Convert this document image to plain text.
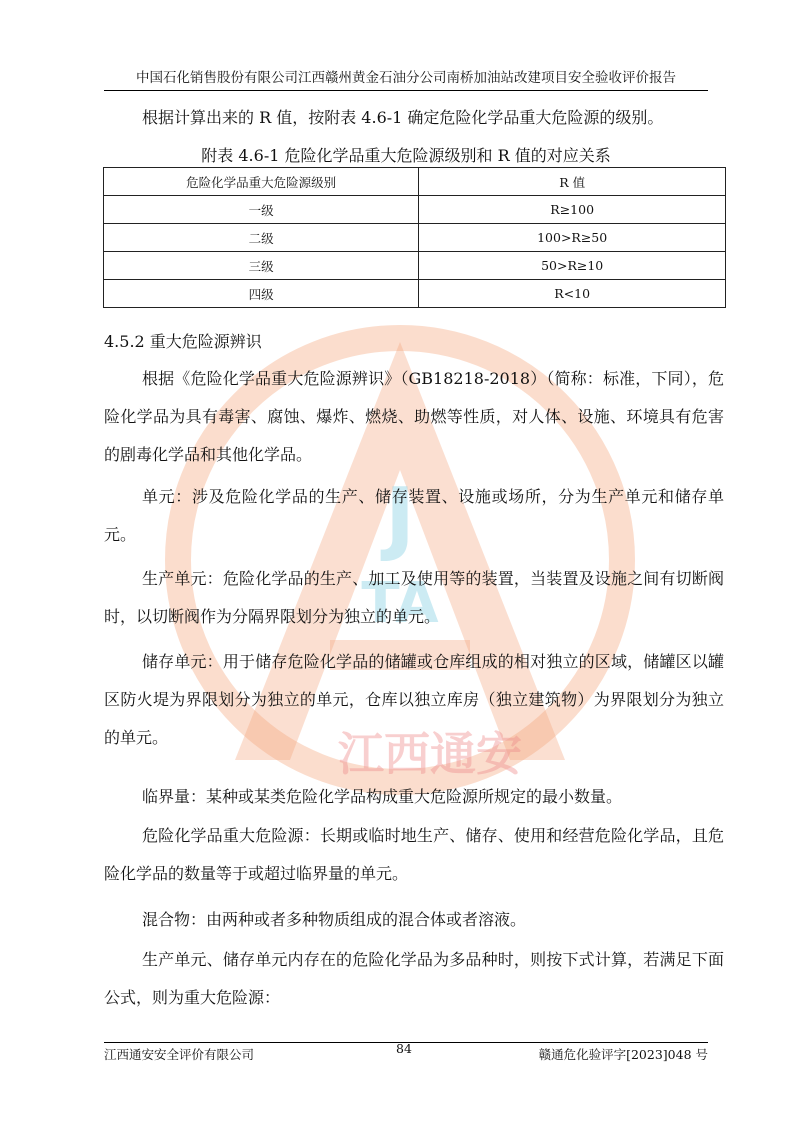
J
TA
江西通安
中国石化销售股份有限公司江西赣州黄金石油分公司南桥加油站改建项目安全验收评价报告
根据计算出来的 R 值，按附表 4.6-1 确定危险化学品重大危险源的级别。
附表 4.6-1 危险化学品重大危险源级别和 R 值的对应关系
危险化学品重大危险源级别	R 值
一级	R≥100
二级	100>R≥50
三级	50>R≥10
四级	R<10
4.5.2 重大危险源辨识

根据《危险化学品重大危险源辨识》（GB18218-2018）（简称：标准，下同），危险化学品为具有毒害、腐蚀、爆炸、燃烧、助燃等性质，对人体、设施、环境具有危害的剧毒化学品和其他化学品。

单元：涉及危险化学品的生产、储存装置、设施或场所，分为生产单元和储存单元。

生产单元：危险化学品的生产、加工及使用等的装置，当装置及设施之间有切断阀时，以切断阀作为分隔界限划分为独立的单元。

储存单元：用于储存危险化学品的储罐或仓库组成的相对独立的区域，储罐区以罐区防火堤为界限划分为独立的单元，仓库以独立库房（独立建筑物）为界限划分为独立的单元。

临界量：某种或某类危险化学品构成重大危险源所规定的最小数量。

危险化学品重大危险源：长期或临时地生产、储存、使用和经营危险化学品，且危险化学品的数量等于或超过临界量的单元。

混合物：由两种或者多种物质组成的混合体或者溶液。

生产单元、储存单元内存在的危险化学品为多品种时，则按下式计算，若满足下面公式，则为重大危险源：

江西通安安全评价有限公司	84	赣通危化验评字[2023]048 号
